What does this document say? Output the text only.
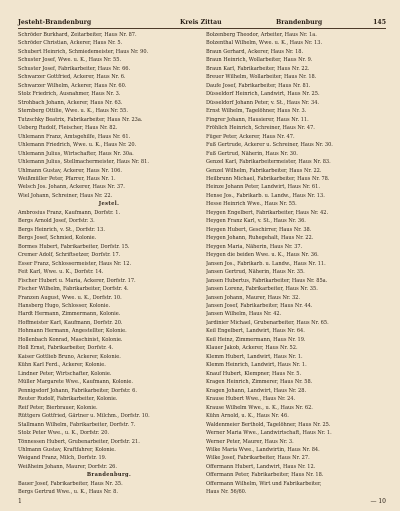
Jesteht-Brandenburg	Kreis Zittau	Brandenburg	145
Schröder Burkhard, Zeitarbeiter, Haus Nr. 87.
Schröder Christian, Ackerer, Haus Nr. 5.
Schubert Heinrich, Schmiedemeister, Haus Nr. 90.
Schuster Josef, Wwe. u. K., Haus Nr. 55.
Schuster Josef, Fabrikarbeiter, Haus Nr. 66.
Schwarzer Gottfried, Ackerer, Haus Nr. 6.
Schwarzer Wilhelm, Ackerer, Haus Nr. 60.
Stolz Friedrich, Ausnahmer, Haus Nr. 3.
Strohbach Johann, Ackerer, Haus Nr. 63.
Sternberg Ottilie, Wwe. u. K., Haus Nr. 55.
Tutzschky Beatrix, Fabrikarbeiter, Haus Nr. 23a.
Ueberg Rudolf, Fleischer, Haus Nr. 82.
Uhlemann Franz, Amtsgehilfe, Haus Nr. 61.
Uhlemann Friedrich, Wwe. u. K., Haus Nr. 20.
Uhlemann Julius, Wirtschafter, Haus Nr. 30a.
Uhlemann Julius, Stellmachermeister, Haus Nr. 81.
Uhlmann Gustav, Ackerer, Haus Nr. 106.
Weißmüller Peter, Pfarrer, Haus Nr. 1.
Welsch Jos. Johann, Ackerer, Haus Nr. 37.
Wiel Johann, Schreiner, Haus Nr. 22.
Jestel.
Ambrosius Franz, Kaufmann, Dorfstr. 1.
Bergs Arnold Josef, Dorfstr. 3.
Bergs Heinrich, v. St., Dorfstr. 13.
Bergs Josef, Schmied, Kolonie.
Bormes Hubert, Fabrikarbeiter, Dorfstr. 15.
Cremer Adolf, Schriftsetzer, Dorfstr. 17.
Esser Franz, Schlossermeister, Haus Nr. 12.
Feit Karl, Wwe. u. K., Dorfstr. 14.
Fischer Hubert u. Maria, Ackerer, Dorfstr. 17.
Fischer Wilhelm, Fabrikarbeiter, Dorfstr. 4.
Franzen August, Wwe. u. K., Dorfstr. 10.
Hansberg Hugo, Schlosser, Kolonie.
Hardt Hermann, Zimmermann, Kolonie.
Hoffmeister Karl, Kaufmann, Dorfstr. 20.
Hohmann Hermann, Angestellter, Kolonie.
Hollenbach Konrad, Maschinist, Kolonie.
Holl Ernst, Fabrikarbeiter, Dorfstr. 4.
Kaiser Gottlieb Bruno, Ackerer, Kolonie.
Kühn Karl Ferd., Ackerer, Kolonie.
Lindner Peter, Wirtschafter, Kolonie.
Müller Margarete Wwe., Kaufmann, Kolonie.
Pennigsdorf Johann, Fabrikarbeiter, Dorfstr. 6.
Reuter Rudolf, Fabrikarbeiter, Kolonie.
Reif Peter, Bierbrauer, Kolonie.
Rüttgers Gottfried, Gärtner u. Milchm., Dorfstr. 10.
Stallmann Wilhelm, Fabrikarbeiter, Dorfstr. 7.
Stolz Peter Wwe., u. K., Dorfstr. 20.
Tönnessen Hubert, Grubenarbeiter, Dorfstr. 21.
Uhlmann Gustav, Kraftfahrer, Kolonie.
Weigand Franz, Milch, Dorfstr. 19.
Weißheim Johann, Maurer, Dorfstr. 26.
Brandenburg.
Bauer Josef, Fabrikarbeiter, Haus Nr. 35.
Bergs Gertrud Wwe., u. K., Haus Nr. 8.
Bolzenberg Theodor, Arbeiter, Haus Nr. 1a.
Bolzenthal Wilhelm, Wwe. u. K., Haus Nr. 13.
Braun Gerhard, Ackerer, Haus Nr. 18.
Braun Heinrich, Wollarbeiter, Haus Nr. 9.
Braun Karl, Fabrikarbeiter, Haus Nr. 22.
Breuer Wilhelm, Wollarbeiter, Haus Nr. 18.
Daufe Josef, Fabrikarbeiter, Haus Nr. 81.
Düsseldorf Heinrich, Landwirt, Haus Nr. 25.
Düsseldorf Johann Peter, v. St., Haus Nr. 34.
Ernst Wilhelm, Tagelöhner, Haus Nr. 3.
Fingrer Johann, Hausierer, Haus Nr. 11.
Fröhlich Heinrich, Schreiner, Haus Nr. 47.
Füger Peter, Ackerer, Haus Nr. 47.
Fuß Gertrude, Ackerer u. Schreiner, Haus Nr. 30.
Fuß Gertrud, Näherin, Haus Nr. 30.
Genzel Karl, Fabrikarbeitermeister, Haus Nr. 83.
Genzel Wilhelm, Fabrikarbeiter, Haus Nr. 22.
Heilbrunn Michael, Fabrikarbeiter, Haus Nr. 78.
Heinze Johann Peter, Landwirt, Haus Nr. 61.
Hense Jos., Fabrikarb. u. Landw., Haus Nr. 13.
Hesse Heinrich Wwe., Haus Nr. 55.
Heygen Engelbert, Fabrikarbeiter, Haus Nr. 42.
Heygen Franz Karl, v. St., Haus Nr. 36.
Heygen Hubert, Geschirrer, Haus Nr. 38.
Heygen Johann, Ruhegehalt, Haus Nr. 22.
Heygen Maria, Näherin, Haus Nr. 37.
Heygen die beiden Wwe. u. K., Haus Nr. 36.
Jansen Jos., Fabrikarb. u. Landw., Haus Nr. 11.
Jansen Gertrud, Näherin, Haus Nr. 35.
Jansen Hubertus, Fabrikarbeiter, Haus Nr. 85a.
Jansen Lorenz, Fabrikarbeiter, Haus Nr. 35.
Jansen Johann, Maurer, Haus Nr. 32.
Jansen Josef, Fabrikarbeiter, Haus Nr. 44.
Jansen Wilhelm, Haus Nr. 42.
Jardinier Michael, Grubenarbeiter, Haus Nr. 65.
Keil Engelbert, Landwirt, Haus Nr. 64.
Keil Heinz, Zimmermann, Haus Nr. 19.
Klauer Jakob, Ackerer, Haus Nr. 52.
Klemm Hubert, Landwirt, Haus Nr. 1.
Klemm Heinrich, Landwirt, Haus Nr. 1.
Knauf Hubert, Klempner, Haus Nr. 5.
Kragen Heinrich, Zimmerer, Haus Nr. 58.
Kragen Johann, Landwirt, Haus Nr. 28.
Krause Hubert Wwe., Haus Nr. 24.
Krause Wilhelm Wwe., u. K., Haus Nr. 62.
Kühn Arnold, u. K., Haus Nr. 46.
Waldenmeier Berthold, Tagelöhner, Haus Nr. 25.
Werner Maria Wwe., Landwirtschaft, Haus Nr. 1.
Werner Peter, Maurer, Haus Nr. 3.
Wilke Maria Wwe., Landwirtin, Haus Nr. 84.
Wilke Josef, Fabrikarbeiter, Haus Nr. 27.
Offermann Hubert, Landwirt, Haus Nr. 12.
Offermann Peter, Fabrikarbeiter, Haus Nr. 18.
Offermann Wilhelm, Wirt und Fabrikarbeiter,
Haus Nr. 56/60.
1	— 10
